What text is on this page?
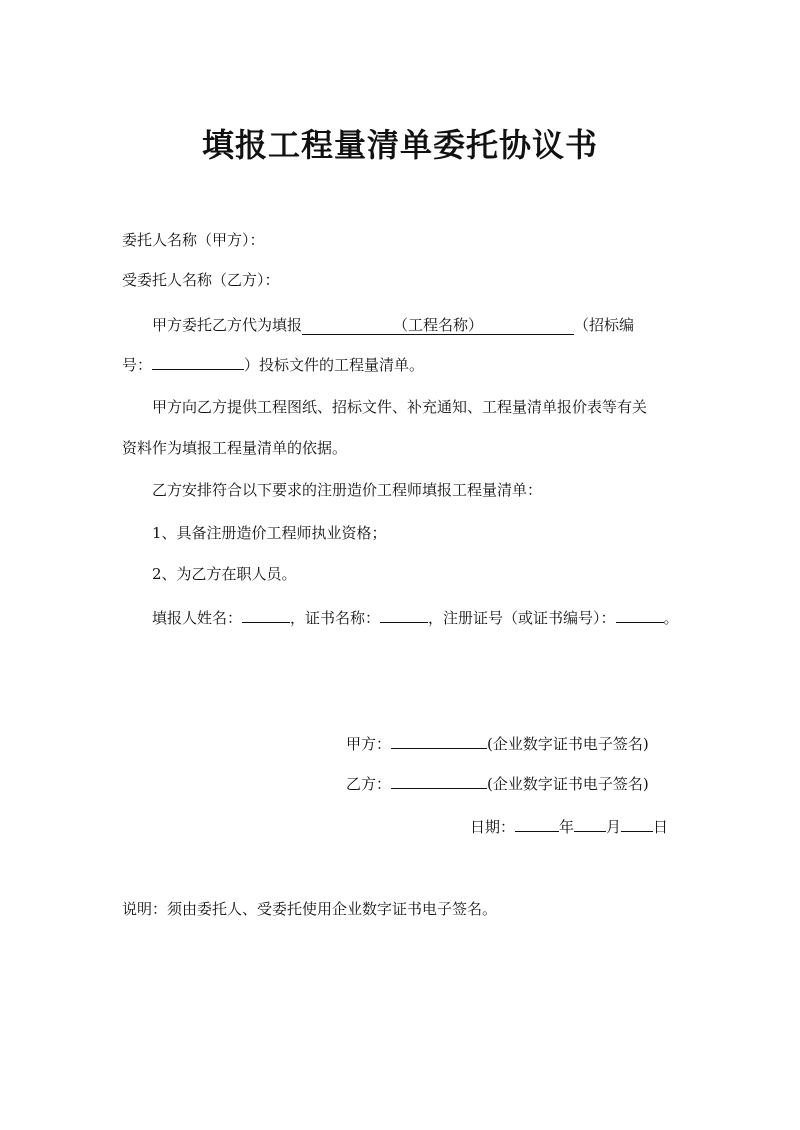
填报工程量清单委托协议书
委托人名称（甲方）：
受委托人名称（乙方）：
甲方委托乙方代为填报	（工程名称）	（招标编
号：	）投标文件的工程量清单。
甲方向乙方提供工程图纸、招标文件、补充通知、工程量清单报价表等有关
资料作为填报工程量清单的依据。
乙方安排符合以下要求的注册造价工程师填报工程量清单：
1、具备注册造价工程师执业资格；
2、为乙方在职人员。
填报人姓名：	，证书名称：	，注册证号（或证书编号）：	。
甲方：	(企业数字证书电子签名)
乙方：	(企业数字证书电子签名)
日期：	年 月 日
说明：须由委托人、受委托使用企业数字证书电子签名。
